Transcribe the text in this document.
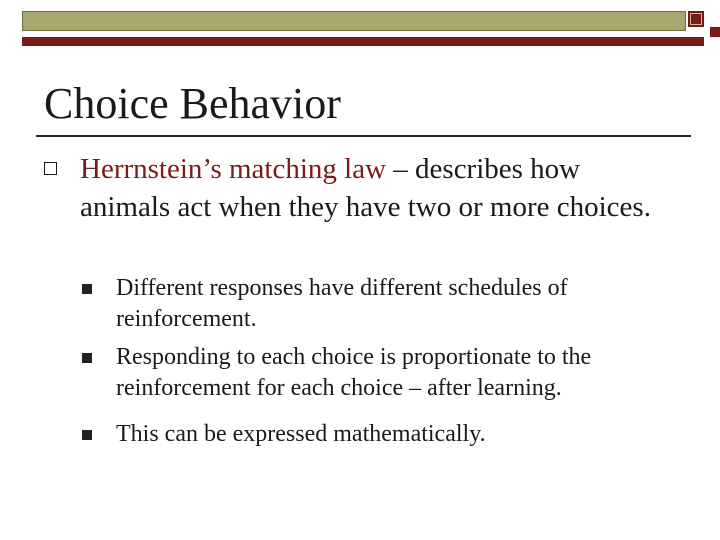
Choice Behavior
Herrnstein’s matching law – describes how animals act when they have two or more choices.
Different responses have different schedules of reinforcement.
Responding to each choice is proportionate to the reinforcement for each choice – after learning.
This can be expressed mathematically.
